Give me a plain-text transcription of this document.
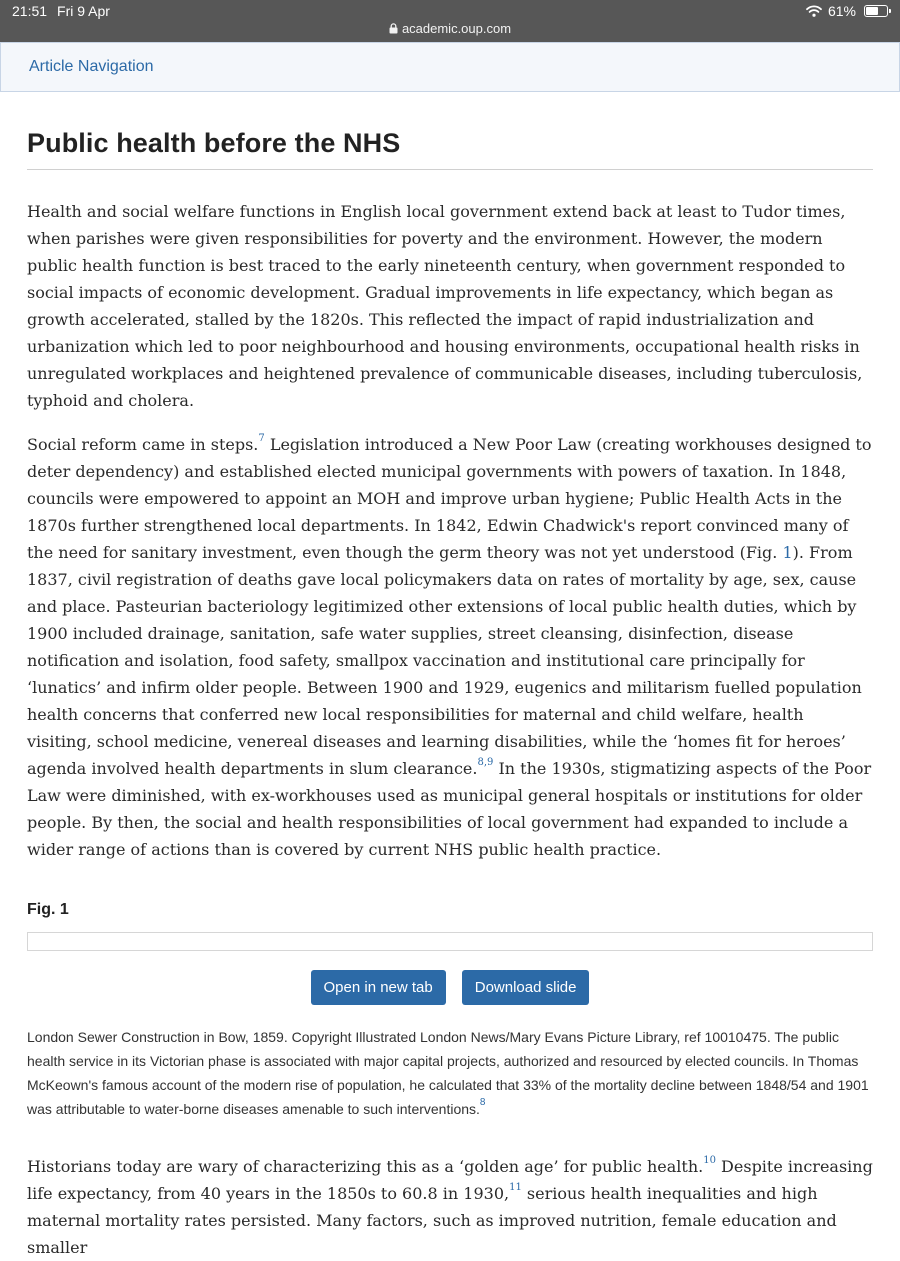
21:51 Fri 9 Apr
academic.oup.com
61%
Article Navigation
Public health before the NHS

Health and social welfare functions in English local government extend back at least to Tudor times, when parishes were given responsibilities for poverty and the environment. However, the modern public health function is best traced to the early nineteenth century, when government responded to social impacts of economic development. Gradual improvements in life expectancy, which began as growth accelerated, stalled by the 1820s. This reflected the impact of rapid industrialization and urbanization which led to poor neighbourhood and housing environments, occupational health risks in unregulated workplaces and heightened prevalence of communicable diseases, including tuberculosis, typhoid and cholera.

Social reform came in steps.$^7$ Legislation introduced a New Poor Law (creating workhouses designed to deter dependency) and established elected municipal governments with powers of taxation. In 1848, councils were empowered to appoint an MOH and improve urban hygiene; Public Health Acts in the 1870s further strengthened local departments. In 1842, Edwin Chadwick's report convinced many of the need for sanitary investment, even though the germ theory was not yet understood (Fig. 1). From 1837, civil registration of deaths gave local policymakers data on rates of mortality by age, sex, cause and place. Pasteurian bacteriology legitimized other extensions of local public health duties, which by 1900 included drainage, sanitation, safe water supplies, street cleansing, disinfection, disease notification and isolation, food safety, smallpox vaccination and institutional care principally for ‘lunatics’ and infirm older people. Between 1900 and 1929, eugenics and militarism fuelled population health concerns that conferred new local responsibilities for maternal and child welfare, health visiting, school medicine, venereal diseases and learning disabilities, while the ‘homes fit for heroes’ agenda involved health departments in slum clearance.$^{8,9}$ In the 1930s, stigmatizing aspects of the Poor Law were diminished, with ex-workhouses used as municipal general hospitals or institutions for older people. By then, the social and health responsibilities of local government had expanded to include a wider range of actions than is covered by current NHS public health practice.

Fig. 1
Open in new tab	Download slide

London Sewer Construction in Bow, 1859. Copyright Illustrated London News/Mary Evans Picture Library, ref 10010475. The public health service in its Victorian phase is associated with major capital projects, authorized and resourced by elected councils. In Thomas McKeown's famous account of the modern rise of population, he calculated that 33% of the mortality decline between 1848/54 and 1901 was attributable to water-borne diseases amenable to such interventions.$^8$

Historians today are wary of characterizing this as a ‘golden age’ for public health.$^{10}$ Despite increasing life expectancy, from 40 years in the 1850s to 60.8 in 1930,11 serious health inequalities and high maternal mortality rates persisted. Many factors, such as improved nutrition, female education and smaller
